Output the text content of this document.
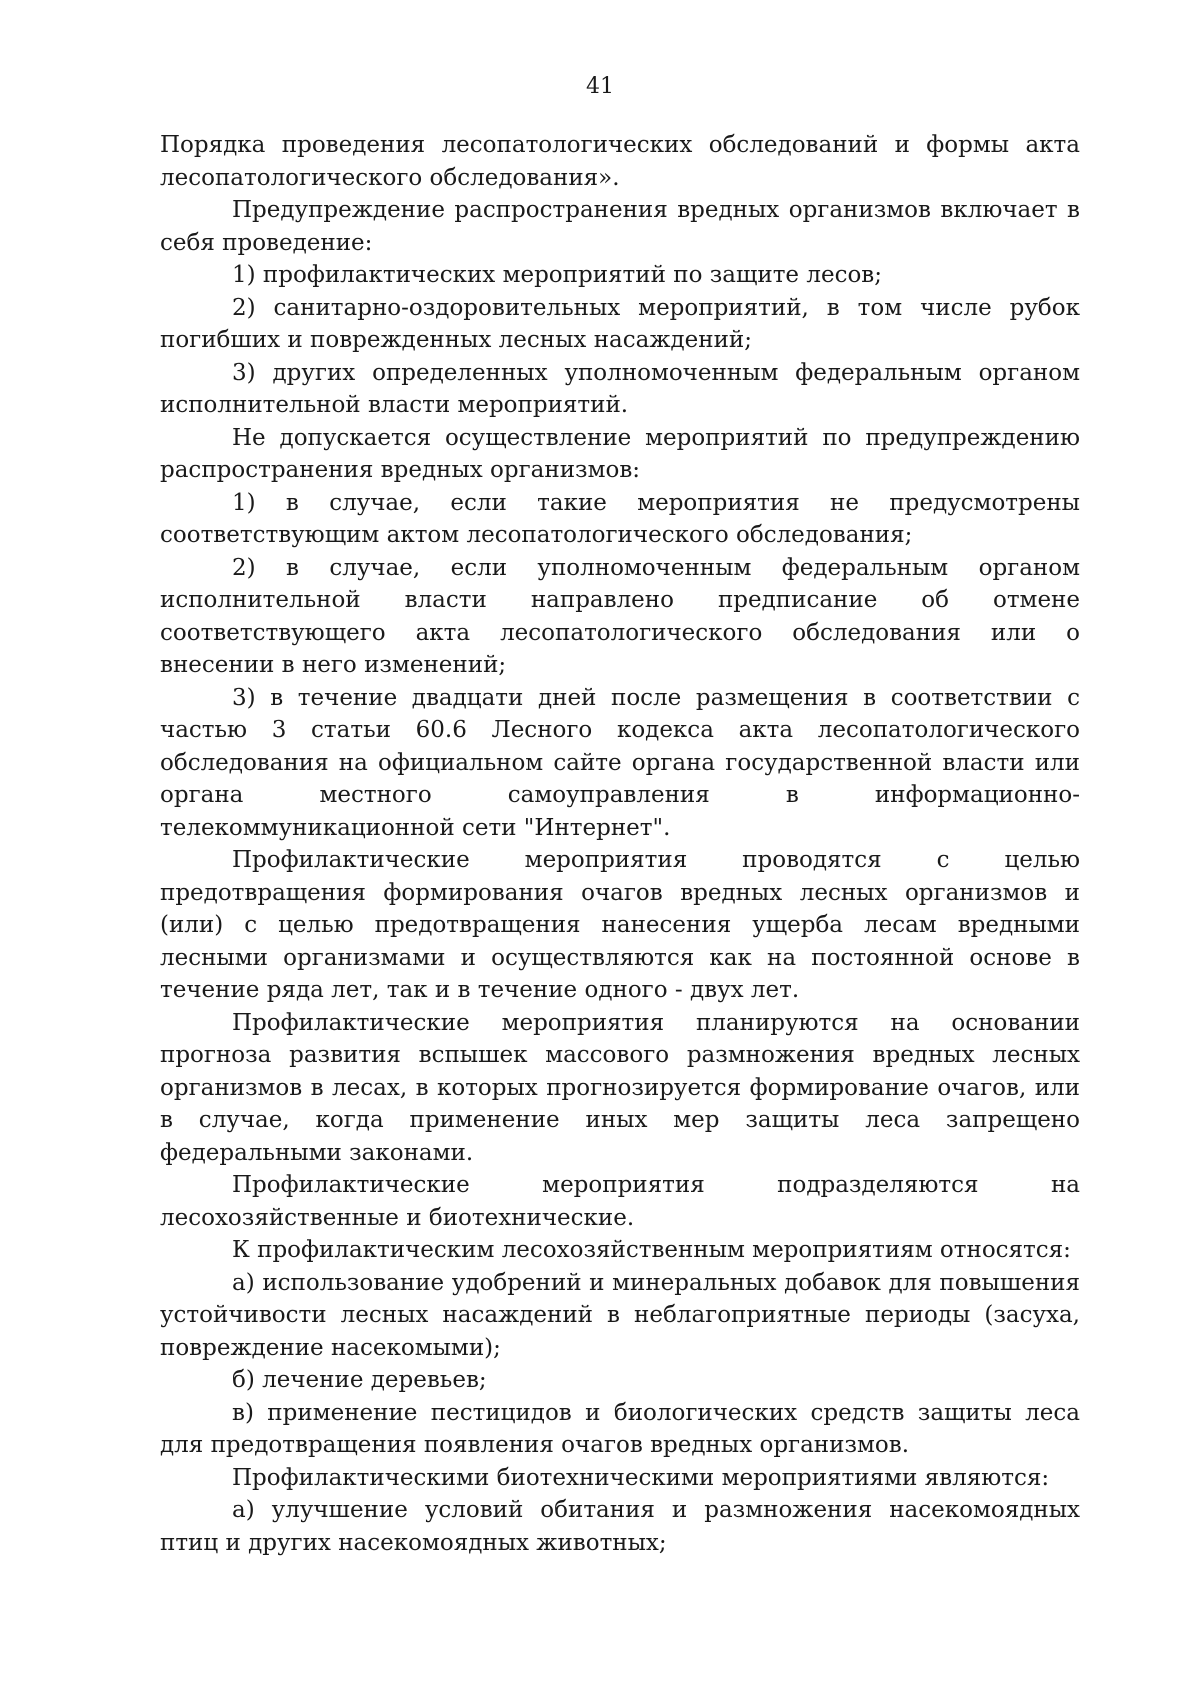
41

Порядка проведения лесопатологических обследований и формы акта лесопатологического обследования».

Предупреждение распространения вредных организмов включает в себя проведение:

1) профилактических мероприятий по защите лесов;

2) санитарно-оздоровительных мероприятий, в том числе рубок погибших и поврежденных лесных насаждений;

3) других определенных уполномоченным федеральным органом исполнительной власти мероприятий.

Не допускается осуществление мероприятий по предупреждению распространения вредных организмов:

1) в случае, если такие мероприятия не предусмотрены соответствующим актом лесопатологического обследования;

2) в случае, если уполномоченным федеральным органом исполнительной власти направлено предписание об отмене соответствующего акта лесопатологического обследования или о внесении в него изменений;

3) в течение двадцати дней после размещения в соответствии с частью 3 статьи 60.6 Лесного кодекса акта лесопатологического обследования на официальном сайте органа государственной власти или органа местного самоуправления в информационно-телекоммуникационной сети "Интернет".

Профилактические мероприятия проводятся с целью предотвращения формирования очагов вредных лесных организмов и (или) с целью предотвращения нанесения ущерба лесам вредными лесными организмами и осуществляются как на постоянной основе в течение ряда лет, так и в течение одного - двух лет.

Профилактические мероприятия планируются на основании прогноза развития вспышек массового размножения вредных лесных организмов в лесах, в которых прогнозируется формирование очагов, или в случае, когда применение иных мер защиты леса запрещено федеральными законами.

Профилактические мероприятия подразделяются на лесохозяйственные и биотехнические.

К профилактическим лесохозяйственным мероприятиям относятся:

а) использование удобрений и минеральных добавок для повышения устойчивости лесных насаждений в неблагоприятные периоды (засуха, повреждение насекомыми);

б) лечение деревьев;

в) применение пестицидов и биологических средств защиты леса для предотвращения появления очагов вредных организмов.

Профилактическими биотехническими мероприятиями являются:

а) улучшение условий обитания и размножения насекомоядных птиц и других насекомоядных животных;
